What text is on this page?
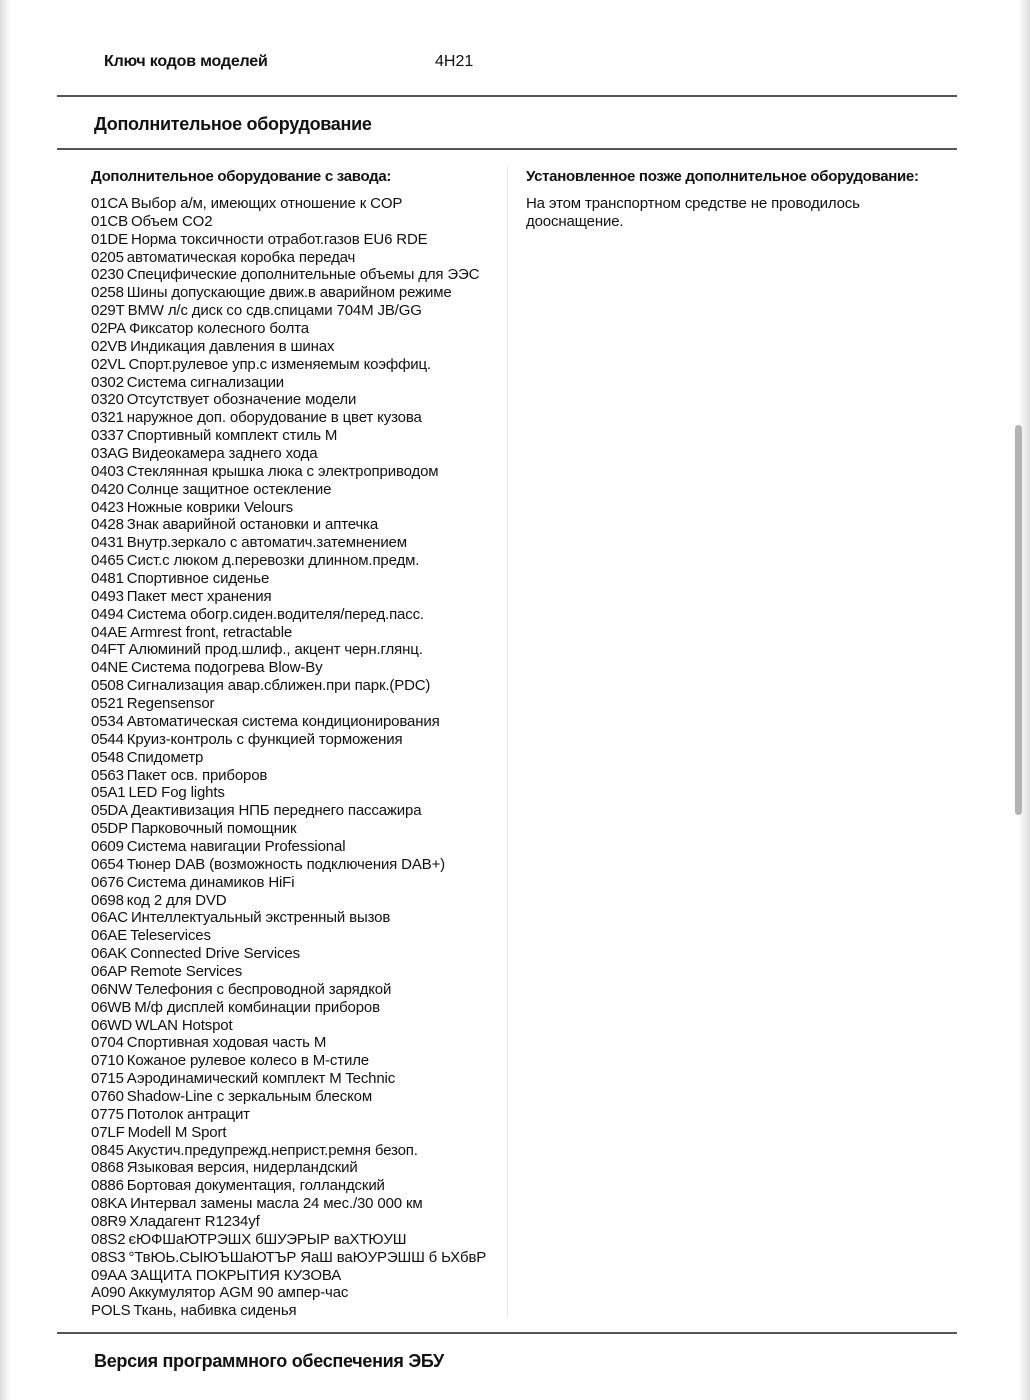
Ключ кодов моделей	4H21
Дополнительное оборудование
Дополнительное оборудование с завода:
01CA Выбор а/м, имеющих отношение к COP
01CB Объем CO2
01DE Норма токсичности отработ.газов EU6 RDE
0205 автоматическая коробка передач
0230 Специфические дополнительные объемы для ЭЭС
0258 Шины допускающие движ.в аварийном режиме
029T BMW л/с диск со сдв.спицами 704M JB/GG
02PA Фиксатор колесного болта
02VB Индикация давления в шинах
02VL Спорт.рулевое упр.с изменяемым коэффиц.
0302 Система сигнализации
0320 Отсутствует обозначение модели
0321 наружное доп. оборудование в цвет кузова
0337 Спортивный комплект стиль M
03AG Видеокамера заднего хода
0403 Стеклянная крышка люка с электроприводом
0420 Солнце защитное остекление
0423 Ножные коврики Velours
0428 Знак аварийной остановки и аптечка
0431 Внутр.зеркало с автоматич.затемнением
0465 Сист.с люком д.перевозки длинном.предм.
0481 Спортивное сиденье
0493 Пакет мест хранения
0494 Система обогр.сиден.водителя/перед.пасс.
04AE Armrest front, retractable
04FT Алюминий прод.шлиф., акцент черн.глянц.
04NE Система подогрева Blow-By
0508 Сигнализация авар.сближен.при парк.(PDC)
0521 Regensensor
0534 Автоматическая система кондиционирования
0544 Круиз-контроль с функцией торможения
0548 Спидометр
0563 Пакет осв. приборов
05A1 LED Fog lights
05DA Деактивизация НПБ переднего пассажира
05DP Парковочный помощник
0609 Система навигации Professional
0654 Тюнер DAB (возможность подключения DAB+)
0676 Система динамиков HiFi
0698 код 2 для DVD
06AC Интеллектуальный экстренный вызов
06AE Teleservices
06AK Connected Drive Services
06AP Remote Services
06NW Телефония с беспроводной зарядкой
06WB М/ф дисплей комбинации приборов
06WD WLAN Hotspot
0704 Спортивная ходовая часть M
0710 Кожаное рулевое колесо в M-стиле
0715 Аэродинамический комплект M Technic
0760 Shadow-Line с зеркальным блеском
0775 Потолок антрацит
07LF Modell M Sport
0845 Акустич.предупрежд.неприст.ремня безоп.
0868 Языковая версия, нидерландский
0886 Бортовая документация, голландский
08KA Интервал замены масла 24 мес./30 000 км
08R9 Хладагент R1234yf
08S2 єЮФШаЮТРЭШХ бШУЭРЫР ваХТЮУШ
08S3 °ТвЮЬ.СЫЮЪШаЮТЪР ЯаШ ваЮУРЭШШ б ЬХбвР
09AA ЗАЩИТА ПОКРЫТИЯ КУЗОВА
A090 Аккумулятор AGM 90 ампер-час
POLS Ткань, набивка сиденья
Установленное позже дополнительное оборудование:
На этом транспортном средстве не проводилось дооснащение.
Версия программного обеспечения ЭБУ
